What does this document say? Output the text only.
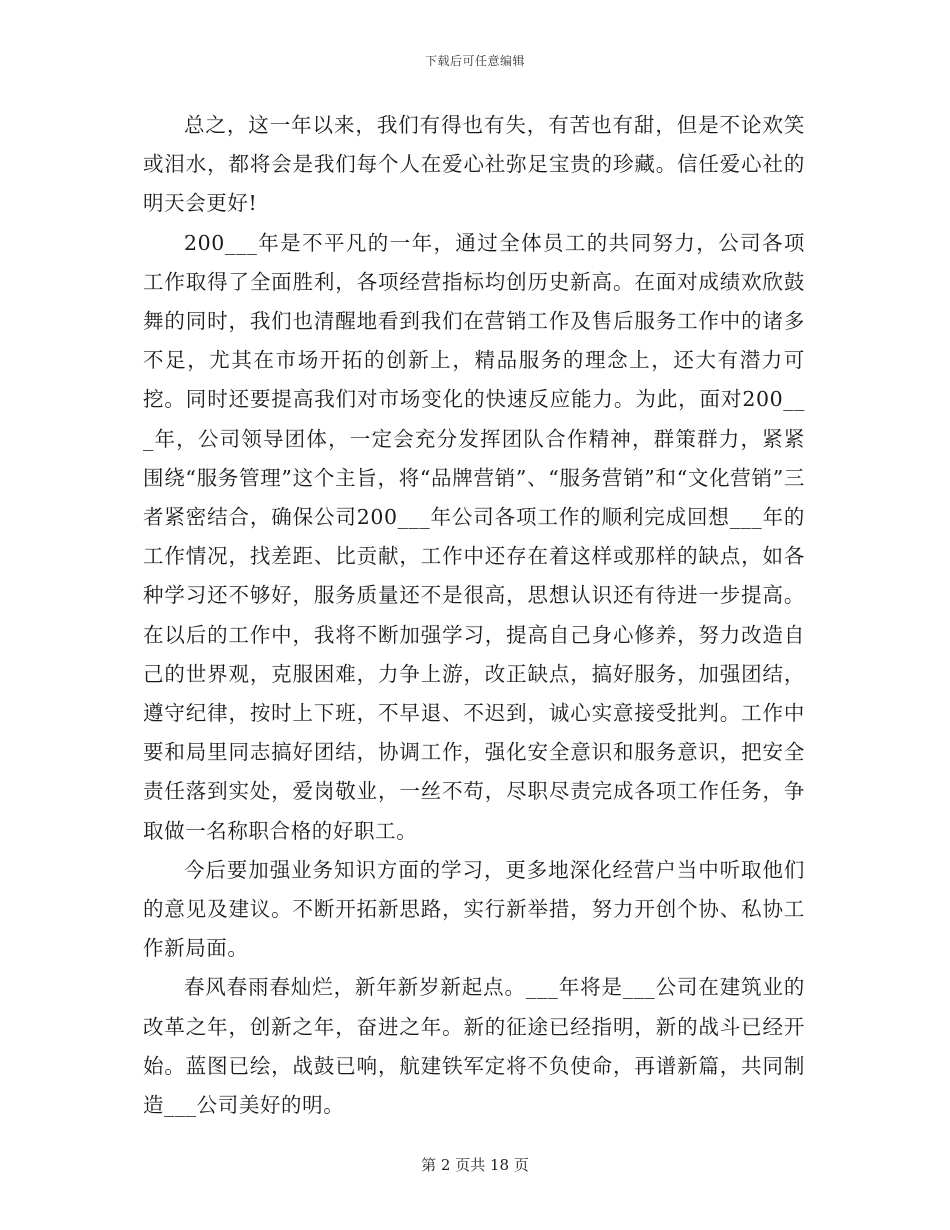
下载后可任意编辑

总之，这一年以来，我们有得也有失，有苦也有甜，但是不论欢笑或泪水，都将会是我们每个人在爱心社弥足宝贵的珍藏。信任爱心社的明天会更好!

200___年是不平凡的一年，通过全体员工的共同努力，公司各项工作取得了全面胜利，各项经营指标均创历史新高。在面对成绩欢欣鼓舞的同时，我们也清醒地看到我们在营销工作及售后服务工作中的诸多不足，尤其在市场开拓的创新上，精品服务的理念上，还大有潜力可挖。同时还要提高我们对市场变化的快速反应能力。为此，面对200___年，公司领导团体，一定会充分发挥团队合作精神，群策群力，紧紧围绕“服务管理”这个主旨，将“品牌营销”、“服务营销”和“文化营销”三者紧密结合，确保公司200___年公司各项工作的顺利完成回想___年的工作情况，找差距、比贡献，工作中还存在着这样或那样的缺点，如各种学习还不够好，服务质量还不是很高，思想认识还有待进一步提高。在以后的工作中，我将不断加强学习，提高自己身心修养，努力改造自己的世界观，克服困难，力争上游，改正缺点，搞好服务，加强团结，遵守纪律，按时上下班，不早退、不迟到，诚心实意接受批判。工作中要和局里同志搞好团结，协调工作，强化安全意识和服务意识，把安全责任落到实处，爱岗敬业，一丝不苟，尽职尽责完成各项工作任务，争取做一名称职合格的好职工。

今后要加强业务知识方面的学习，更多地深化经营户当中听取他们的意见及建议。不断开拓新思路，实行新举措，努力开创个协、私协工作新局面。

春风春雨春灿烂，新年新岁新起点。___年将是___公司在建筑业的改革之年，创新之年，奋进之年。新的征途已经指明，新的战斗已经开始。蓝图已绘，战鼓已响，航建铁军定将不负使命，再谱新篇，共同制造___公司美好的明。

第 2 页共 18 页
